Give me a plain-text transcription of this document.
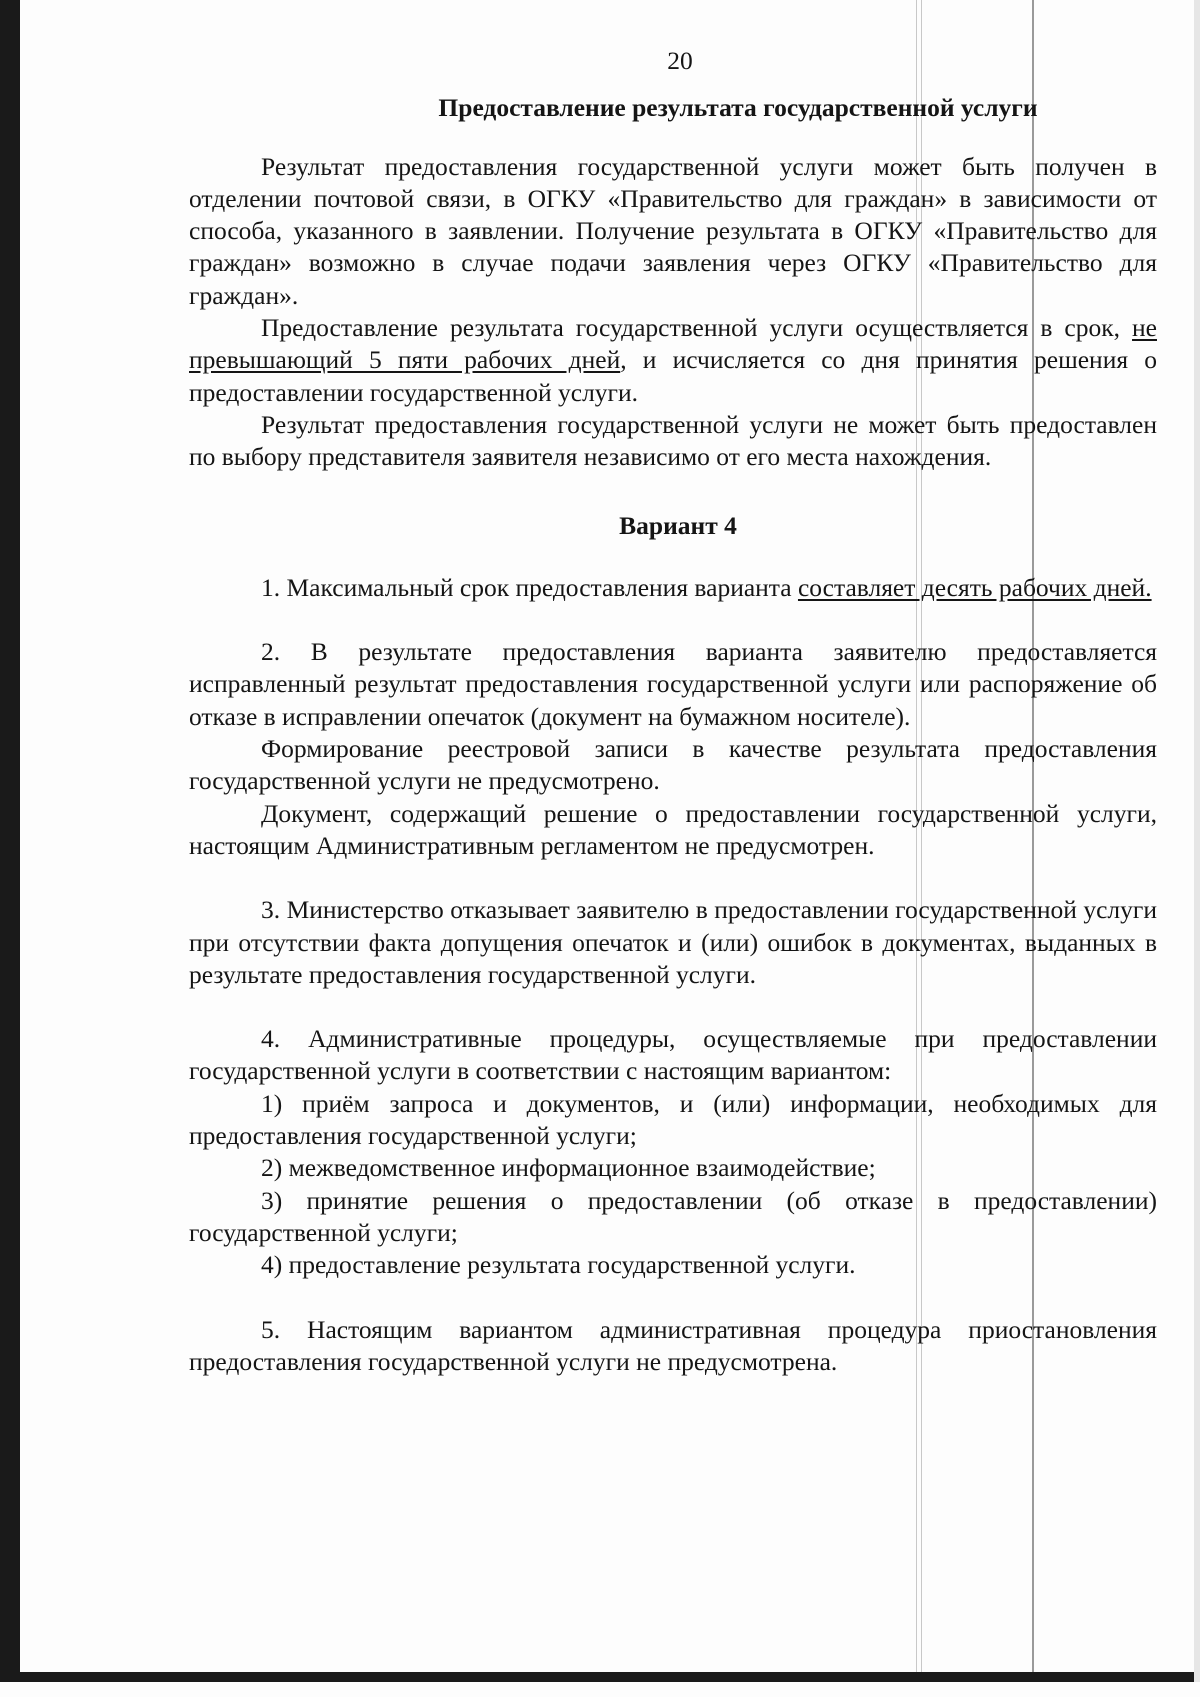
20
Предоставление результата государственной услуги

Результат предоставления государственной услуги может быть получен в отделении почтовой связи, в ОГКУ «Правительство для граждан» в зависимости от способа, указанного в заявлении. Получение результата в ОГКУ «Правительство для граждан» возможно в случае подачи заявления через ОГКУ «Правительство для граждан».

Предоставление результата государственной услуги осуществляется в срок, не превышающий 5 пяти рабочих дней, и исчисляется со дня принятия решения о предоставлении государственной услуги.

Результат предоставления государственной услуги не может быть предоставлен по выбору представителя заявителя независимо от его места нахождения.

Вариант 4

1. Максимальный срок предоставления варианта составляет десять рабочих дней.

2. В результате предоставления варианта заявителю предоставляется исправленный результат предоставления государственной услуги или распоряжение об отказе в исправлении опечаток (документ на бумажном носителе).

Формирование реестровой записи в качестве результата предоставления государственной услуги не предусмотрено.

Документ, содержащий решение о предоставлении государственной услуги, настоящим Административным регламентом не предусмотрен.

3. Министерство отказывает заявителю в предоставлении государственной услуги при отсутствии факта допущения опечаток и (или) ошибок в документах, выданных в результате предоставления государственной услуги.

4. Административные процедуры, осуществляемые при предоставлении государственной услуги в соответствии с настоящим вариантом:

1) приём запроса и документов, и (или) информации, необходимых для предоставления государственной услуги;

2) межведомственное информационное взаимодействие;

3) принятие решения о предоставлении (об отказе в предоставлении) государственной услуги;

4) предоставление результата государственной услуги.

5. Настоящим вариантом административная процедура приостановления предоставления государственной услуги не предусмотрена.
